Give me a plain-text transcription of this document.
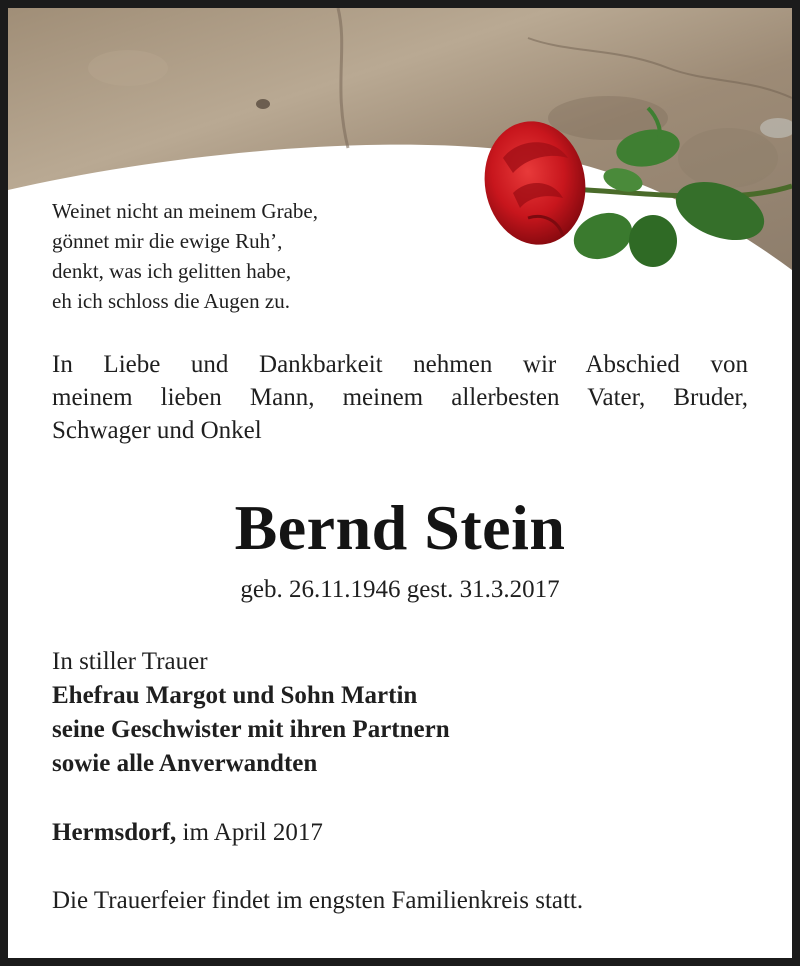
Weinet nicht an meinem Grabe,
gönnet mir die ewige Ruh’,
denkt, was ich gelitten habe,
eh ich schloss die Augen zu.
In Liebe und Dankbarkeit nehmen wir Abschied von
meinem lieben Mann, meinem allerbesten Vater, Bruder,
Schwager und Onkel
Bernd Stein
geb. 26.11.1946 gest. 31.3.2017
In stiller Trauer
Ehefrau Margot und Sohn Martin
seine Geschwister mit ihren Partnern
sowie alle Anverwandten
Hermsdorf, im April 2017
Die Trauerfeier findet im engsten Familienkreis statt.
